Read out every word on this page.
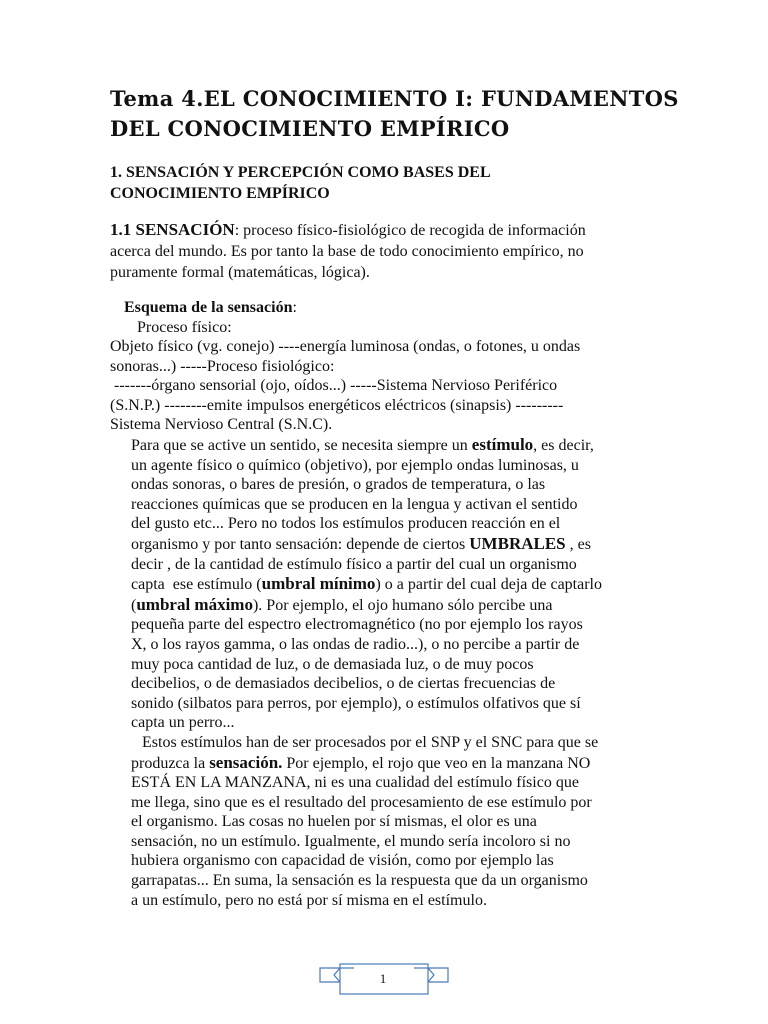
Tema 4.EL CONOCIMIENTO I: FUNDAMENTOS
DEL CONOCIMIENTO EMPÍRICO
1. SENSACIÓN Y PERCEPCIÓN COMO BASES DEL
CONOCIMIENTO EMPÍRICO

1.1 SENSACIÓN: proceso físico-fisiológico de recogida de información
acerca del mundo. Es por tanto la base de todo conocimiento empírico, no
puramente formal (matemáticas, lógica).

Esquema de la sensación:
Proceso físico:
Objeto físico (vg. conejo) ----energía luminosa (ondas, o fotones, u ondas
sonoras...) -----Proceso fisiológico:
-------órgano sensorial (ojo, oídos...) -----Sistema Nervioso Periférico
(S.N.P.) --------emite impulsos energéticos eléctricos (sinapsis) ---------
Sistema Nervioso Central (S.N.C).
Para que se active un sentido, se necesita siempre un estímulo, es decir,
un agente físico o químico (objetivo), por ejemplo ondas luminosas, u
ondas sonoras, o bares de presión, o grados de temperatura, o las
reacciones químicas que se producen en la lengua y activan el sentido
del gusto etc... Pero no todos los estímulos producen reacción en el
organismo y por tanto sensación: depende de ciertos UMBRALES , es
decir , de la cantidad de estímulo físico a partir del cual un organismo
capta  ese estímulo (umbral mínimo) o a partir del cual deja de captarlo
(umbral máximo). Por ejemplo, el ojo humano sólo percibe una
pequeña parte del espectro electromagnético (no por ejemplo los rayos
X, o los rayos gamma, o las ondas de radio...), o no percibe a partir de
muy poca cantidad de luz, o de demasiada luz, o de muy pocos
decibelios, o de demasiados decibelios, o de ciertas frecuencias de
sonido (silbatos para perros, por ejemplo), o estímulos olfativos que sí
capta un perro...
Estos estímulos han de ser procesados por el SNP y el SNC para que se
produzca la sensación. Por ejemplo, el rojo que veo en la manzana NO
ESTÁ EN LA MANZANA, ni es una cualidad del estímulo físico que
me llega, sino que es el resultado del procesamiento de ese estímulo por
el organismo. Las cosas no huelen por sí mismas, el olor es una
sensación, no un estímulo. Igualmente, el mundo sería incoloro si no
hubiera organismo con capacidad de visión, como por ejemplo las
garrapatas... En suma, la sensación es la respuesta que da un organismo
a un estímulo, pero no está por sí misma en el estímulo.
1
